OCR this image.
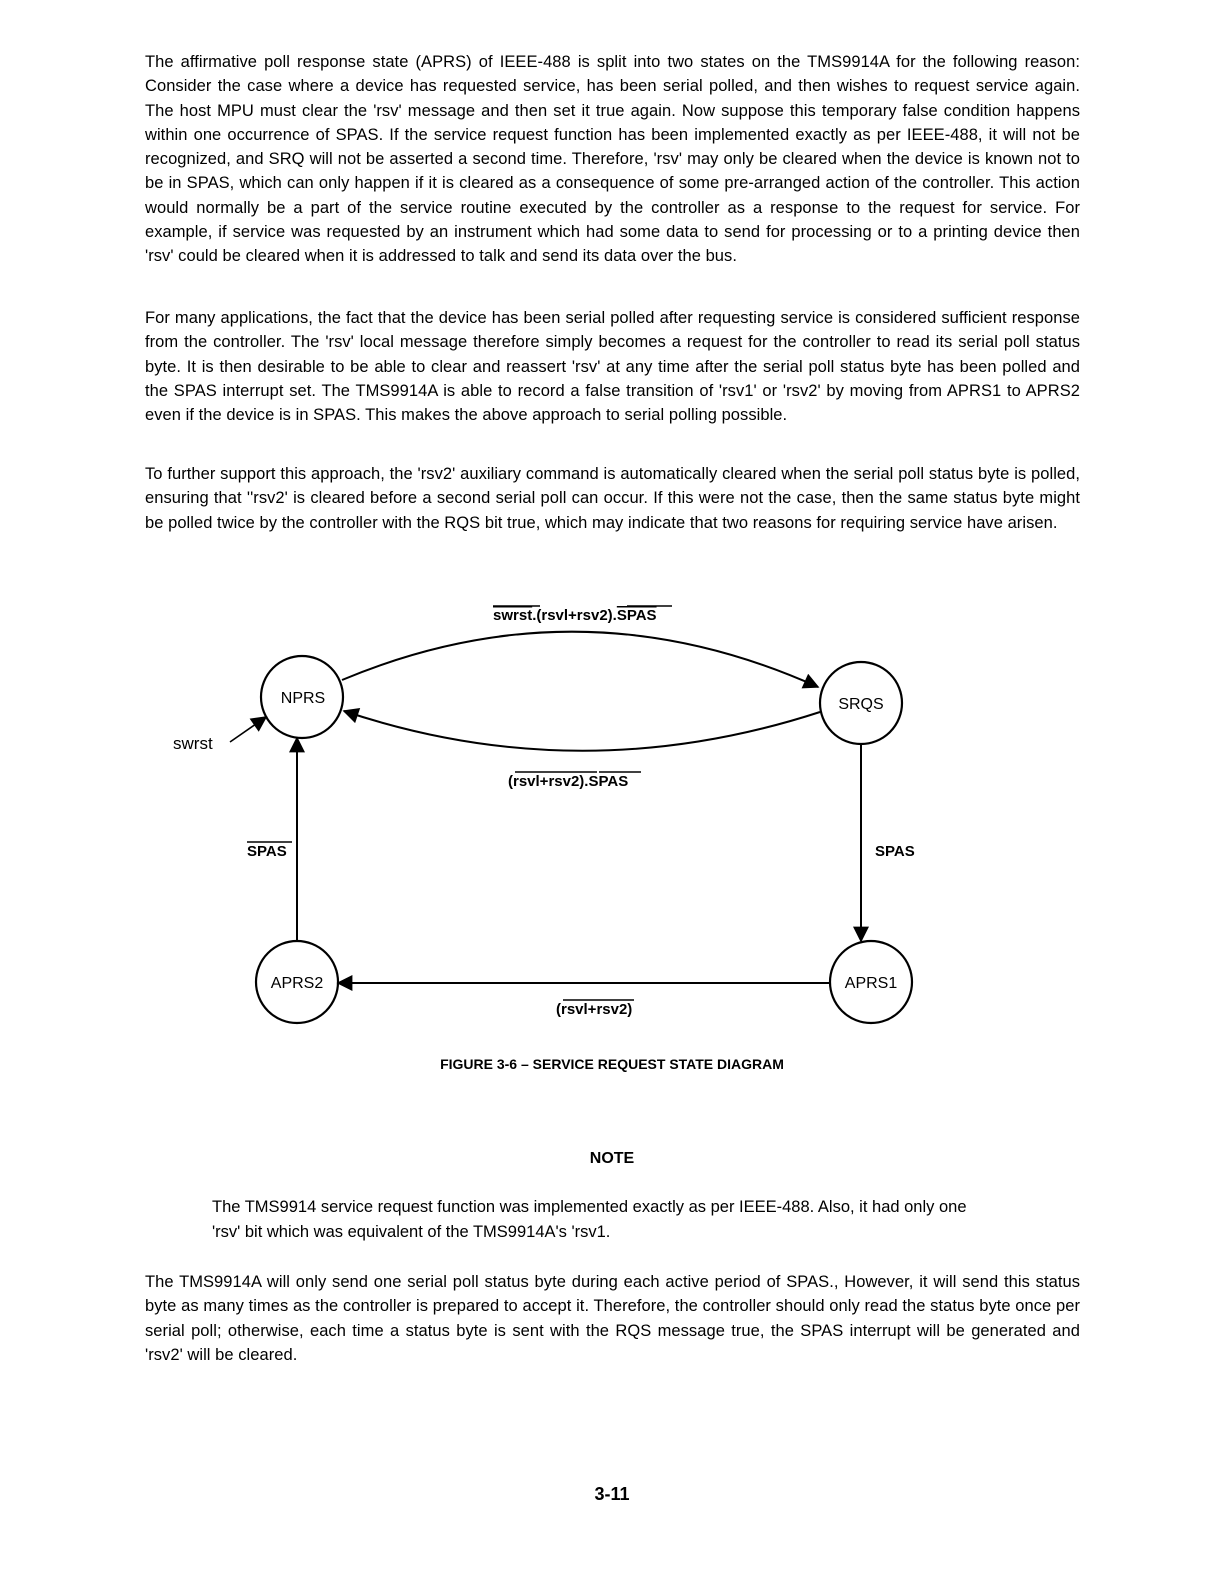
The affirmative poll response state (APRS) of IEEE-488 is split into two states on the TMS9914A for the following reason: Consider the case where a device has requested service, has been serial polled, and then wishes to request service again. The host MPU must clear the 'rsv' message and then set it true again. Now suppose this temporary false condition happens within one occurrence of SPAS. If the service request function has been implemented exactly as per IEEE-488, it will not be recognized, and SRQ will not be asserted a second time. Therefore, 'rsv' may only be cleared when the device is known not to be in SPAS, which can only happen if it is cleared as a consequence of some pre-arranged action of the controller. This action would normally be a part of the service routine executed by the controller as a response to the request for service. For example, if service was requested by an instrument which had some data to send for processing or to a printing device then 'rsv' could be cleared when it is addressed to talk and send its data over the bus.

For many applications, the fact that the device has been serial polled after requesting service is considered sufficient response from the controller. The 'rsv' local message therefore simply becomes a request for the controller to read its serial poll status byte. It is then desirable to be able to clear and reassert 'rsv' at any time after the serial poll status byte has been polled and the SPAS interrupt set. The TMS9914A is able to record a false transition of 'rsv1' or 'rsv2' by moving from APRS1 to APRS2 even if the device is in SPAS. This makes the above approach to serial polling possible.

To further support this approach, the 'rsv2' auxiliary command is automatically cleared when the serial poll status byte is polled, ensuring that ''rsv2' is cleared before a second serial poll can occur. If this were not the case, then the same status byte might be polled twice by the controller with the RQS bit true, which may indicate that two reasons for requiring service have arisen.

NPRS	SRQS
APRS1
APRS2
swrst.(rsvl+rsv2).SPAS
(rsvl+rsv2).SPAS
SPAS
SPAS
(rsvl+rsv2)
swrst

FIGURE 3-6 – SERVICE REQUEST STATE DIAGRAM

NOTE

The TMS9914 service request function was implemented exactly as per IEEE-488. Also, it had only one 'rsv' bit which was equivalent of the TMS9914A's 'rsv1.

The TMS9914A will only send one serial poll status byte during each active period of SPAS., However, it will send this status byte as many times as the controller is prepared to accept it. Therefore, the controller should only read the status byte once per serial poll; otherwise, each time a status byte is sent with the RQS message true, the SPAS interrupt will be generated and 'rsv2' will be cleared.

3-11
